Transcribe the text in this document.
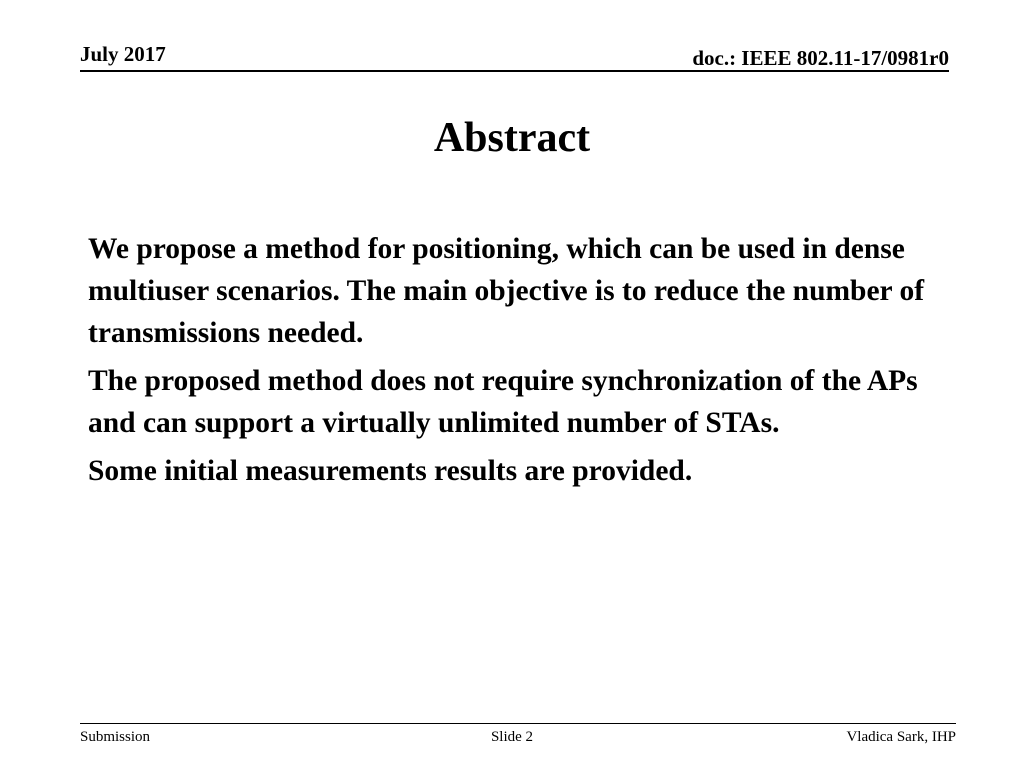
July 2017	doc.: IEEE 802.11-17/0981r0
Abstract

We propose a method for positioning, which can be used in dense multiuser scenarios. The main objective is to reduce the number of transmissions needed.

The proposed method does not require synchronization of the APs and can support a virtually unlimited number of STAs.

Some initial measurements results are provided.

Submission	Slide 2	Vladica Sark, IHP
